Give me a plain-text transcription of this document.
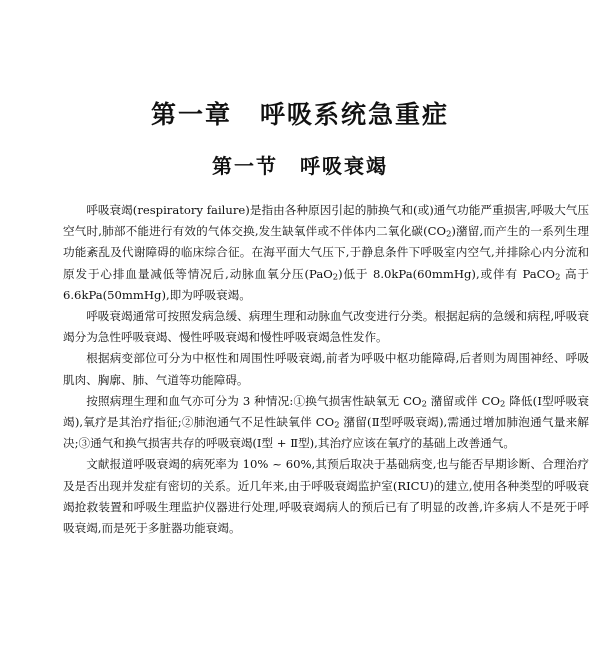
第一章 呼吸系统急重症
第一节 呼吸衰竭

呼吸衰竭(respiratory failure)是指由各种原因引起的肺换气和(或)通气功能严重损害,呼吸大气压空气时,肺部不能进行有效的气体交换,发生缺氧伴或不伴体内二氧化碳$(CO_2)$潴留,而产生的一系列生理功能紊乱及代谢障碍的临床综合征。在海平面大气压下,于静息条件下呼吸室内空气,并排除心内分流和原发于心排血量减低等情况后,动脉血氧分压(PaO$_2$)低于 8.0kPa(60mmHg),或伴有 PaCO$_2$ 高于 6.6kPa(50mmHg),即为呼吸衰竭。

呼吸衰竭通常可按照发病急缓、病理生理和动脉血气改变进行分类。根据起病的急缓和病程,呼吸衰竭分为急性呼吸衰竭、慢性呼吸衰竭和慢性呼吸衰竭急性发作。

根据病变部位可分为中枢性和周围性呼吸衰竭,前者为呼吸中枢功能障碍,后者则为周围神经、呼吸肌肉、胸廓、肺、气道等功能障碍。

按照病理生理和血气亦可分为 3 种情况:①换气损害性缺氧无 $CO_2$ 潴留或伴 $CO_2$ 降低(Ⅰ型呼吸衰竭),氧疗是其治疗指征;②肺泡通气不足性缺氧伴 $CO_2$ 潴留(Ⅱ型呼吸衰竭),需通过增加肺泡通气量来解决;③通气和换气损害共存的呼吸衰竭(Ⅰ型 + Ⅱ型),其治疗应该在氧疗的基础上改善通气。

文献报道呼吸衰竭的病死率为 10% ~ 60%,其预后取决于基础病变,也与能否早期诊断、合理治疗及是否出现并发症有密切的关系。近几年来,由于呼吸衰竭监护室(RICU)的建立,使用各种类型的呼吸衰竭抢救装置和呼吸生理监护仪器进行处理,呼吸衰竭病人的预后已有了明显的改善,许多病人不是死于呼吸衰竭,而是死于多脏器功能衰竭。
